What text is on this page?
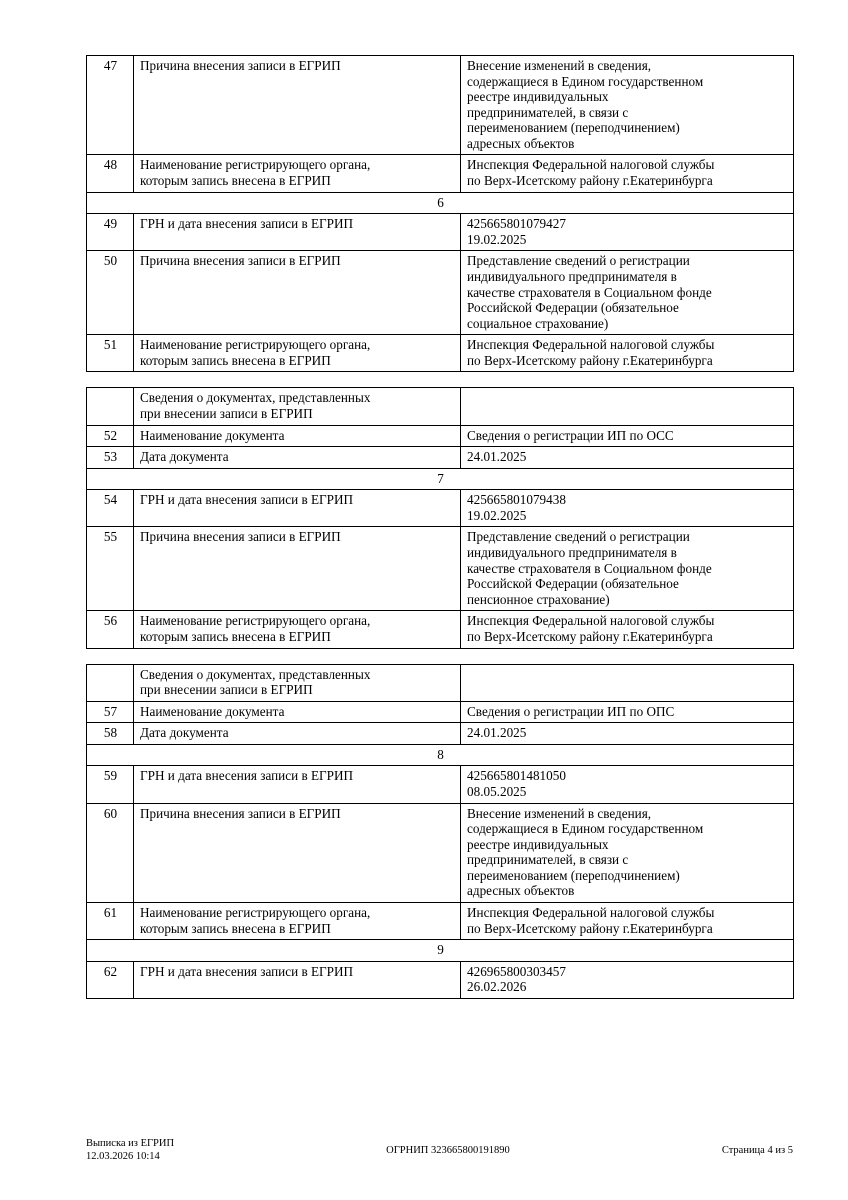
47	Причина внесения записи в ЕГРИП	Внесение изменений в сведения,
содержащиеся в Едином государственном
реестре индивидуальных
предпринимателей, в связи с
переименованием (переподчинением)
адресных объектов

48	Наименование регистрирующего органа,
которым запись внесена в ЕГРИП	Инспекция Федеральной налоговой службы
по Верх-Исетскому району г.Екатеринбурга

6		
49	ГРН и дата внесения записи в ЕГРИП	425665801079427
19.02.2025

50	Причина внесения записи в ЕГРИП	Представление сведений о регистрации
индивидуального предпринимателя в
качестве страхователя в Социальном фонде
Российской Федерации (обязательное
социальное страхование)

51	Наименование регистрирующего органа,
которым запись внесена в ЕГРИП	Инспекция Федеральной налоговой службы
по Верх-Исетскому району г.Екатеринбурга

	Сведения о документах, представленных
при внесении записи в ЕГРИП	

52	Наименование документа	Сведения о регистрации ИП по ОСС

53	Дата документа	24.01.2025

7		
54	ГРН и дата внесения записи в ЕГРИП	425665801079438
19.02.2025

55	Причина внесения записи в ЕГРИП	Представление сведений о регистрации
индивидуального предпринимателя в
качестве страхователя в Социальном фонде
Российской Федерации (обязательное
пенсионное страхование)

56	Наименование регистрирующего органа,
которым запись внесена в ЕГРИП	Инспекция Федеральной налоговой службы
по Верх-Исетскому району г.Екатеринбурга

	Сведения о документах, представленных
при внесении записи в ЕГРИП	

57	Наименование документа	Сведения о регистрации ИП по ОПС

58	Дата документа	24.01.2025

8		
59	ГРН и дата внесения записи в ЕГРИП	425665801481050
08.05.2025

60	Причина внесения записи в ЕГРИП	Внесение изменений в сведения,
содержащиеся в Едином государственном
реестре индивидуальных
предпринимателей, в связи с
переименованием (переподчинением)
адресных объектов

61	Наименование регистрирующего органа,
которым запись внесена в ЕГРИП	Инспекция Федеральной налоговой службы
по Верх-Исетскому району г.Екатеринбурга

9		
62	ГРН и дата внесения записи в ЕГРИП	426965800303457
26.02.2026
Выписка из ЕГРИП
12.03.2026 10:14
ОГРНИП 323665800191890	Страница 4 из 5
